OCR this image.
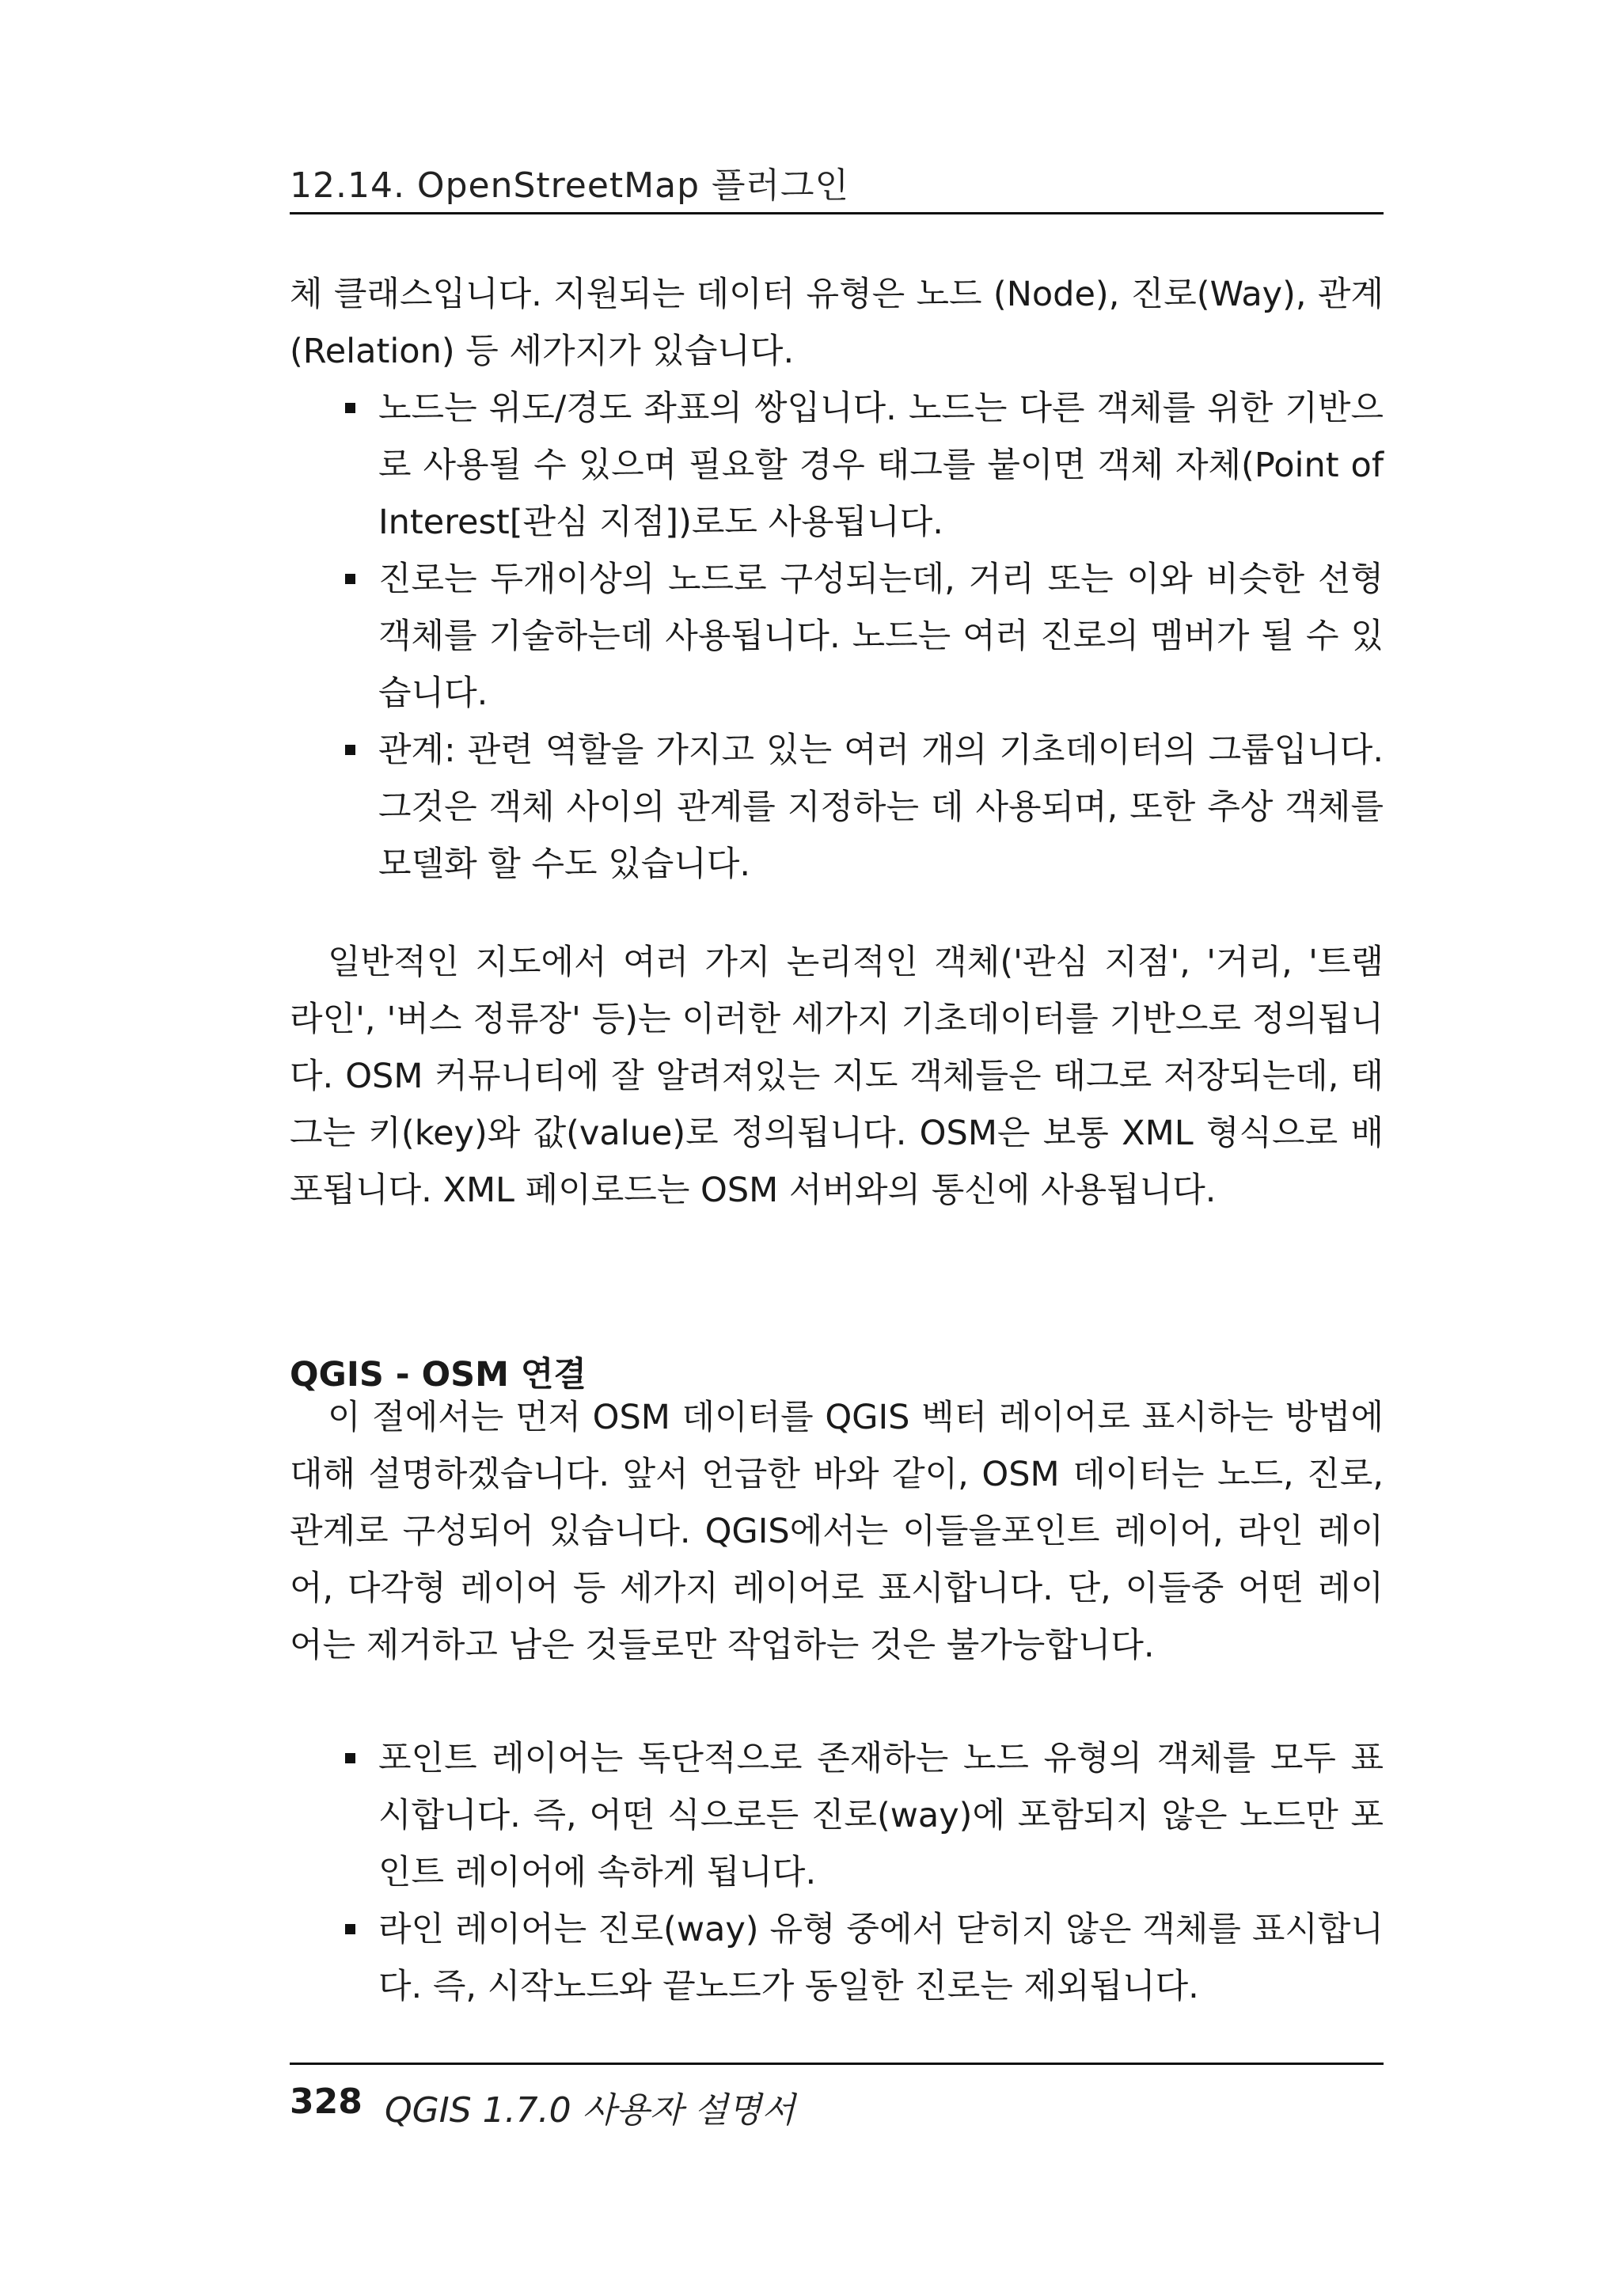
12.14. OpenStreetMap 플러그인

체 클래스입니다. 지원되는 데이터 유형은 노드 (Node), 진로(Way), 관계(Relation) 등 세가지가 있습니다.

노드는 위도/경도 좌표의 쌍입니다. 노드는 다른 객체를 위한 기반으로 사용될 수 있으며 필요할 경우 태그를 붙이면 객체 자체(Point of Interest[관심 지점])로도 사용됩니다.
진로는 두개이상의 노드로 구성되는데, 거리 또는 이와 비슷한 선형 객체를 기술하는데 사용됩니다. 노드는 여러 진로의 멤버가 될 수 있습니다.
관계: 관련 역할을 가지고 있는 여러 개의 기초데이터의 그룹입니다. 그것은 객체 사이의 관계를 지정하는 데 사용되며, 또한 추상 객체를 모델화 할 수도 있습니다.

일반적인 지도에서 여러 가지 논리적인 객체('관심 지점', '거리, '트램 라인', '버스 정류장' 등)는 이러한 세가지 기초데이터를 기반으로 정의됩니다. OSM 커뮤니티에 잘 알려져있는 지도 객체들은 태그로 저장되는데, 태그는 키(key)와 값(value)로 정의됩니다. OSM은 보통 XML 형식으로 배포됩니다. XML 페이로드는 OSM 서버와의 통신에 사용됩니다.

QGIS - OSM 연결

이 절에서는 먼저 OSM 데이터를 QGIS 벡터 레이어로 표시하는 방법에 대해 설명하겠습니다. 앞서 언급한 바와 같이, OSM 데이터는 노드, 진로, 관계로 구성되어 있습니다. QGIS에서는 이들을포인트 레이어, 라인 레이어, 다각형 레이어 등 세가지 레이어로 표시합니다. 단, 이들중 어떤 레이어는 제거하고 남은 것들로만 작업하는 것은 불가능합니다.

포인트 레이어는 독단적으로 존재하는 노드 유형의 객체를 모두 표시합니다. 즉, 어떤 식으로든 진로(way)에 포함되지 않은 노드만 포인트 레이어에 속하게 됩니다.
라인 레이어는 진로(way) 유형 중에서 닫히지 않은 객체를 표시합니다. 즉, 시작노드와 끝노드가 동일한 진로는 제외됩니다.
328 QGIS 1.7.0 사용자 설명서
